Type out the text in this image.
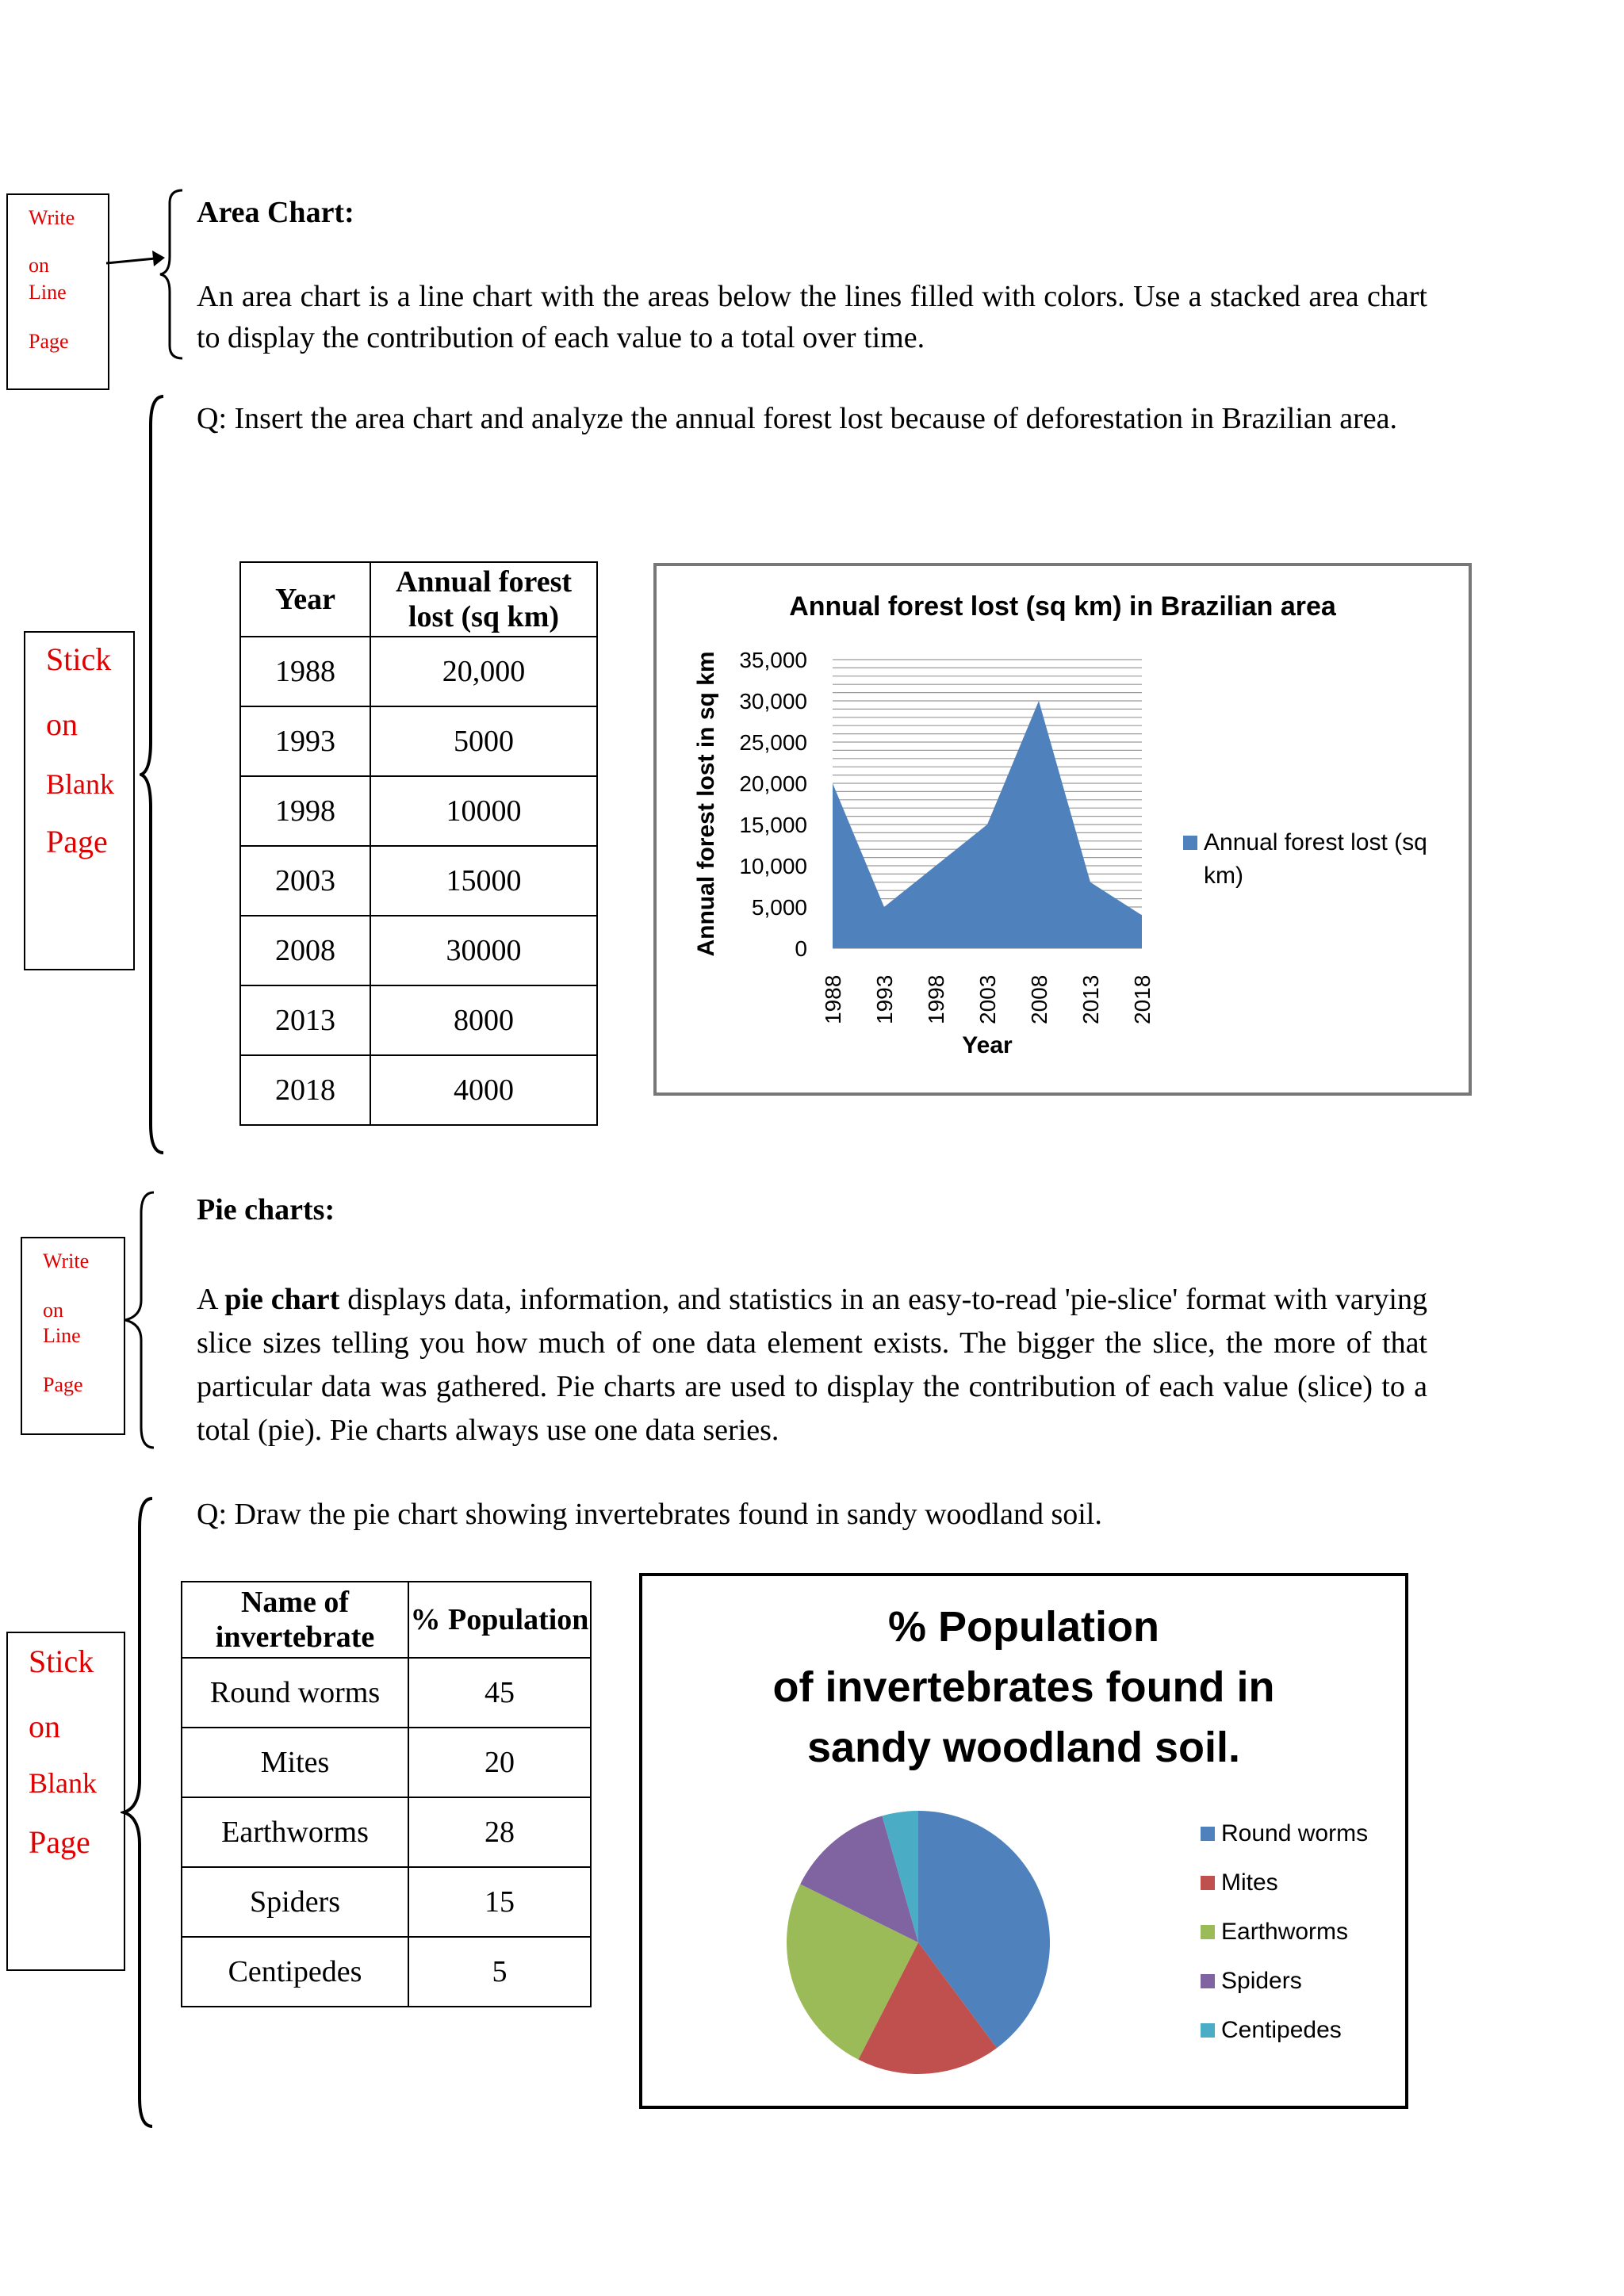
Write
on
Line
Page
Stick
on
Blank
Page
Write
on
Line
Page
Stick
on
Blank
Page
Area Chart:
An area chart is a line chart with the areas below the lines filled with colors. Use a stacked area chart to display the contribution of each value to a total over time.
Q: Insert the area chart and analyze the annual forest lost because of deforestation in Brazilian area.
Year	Annual forest lost (sq km)
1988	20,000
1993	5000
1998	10000
2003	15000
2008	30000
2013	8000
2018	4000
Annual forest lost (sq km) in Brazilian area
0
5,000
10,000
15,000
20,000
25,000
30,000
35,000
1988 1993 1998 2003 2008 2013 2018
Year
Annual forest lost in sq km	Annual forest lost (sq km)
Pie charts:
A pie chart displays data, information, and statistics in an easy-to-read 'pie-slice' format with varying slice sizes telling you how much of one data element exists. The bigger the slice, the more of that particular data was gathered. Pie charts are used to display the contribution of each value (slice) to a total (pie). Pie charts always use one data series.
Q: Draw the pie chart showing invertebrates found in sandy woodland soil.
Name of invertebrate	% Population
Round worms	45
Mites	20
Earthworms	28
Spiders	15
Centipedes	5
% Population of invertebrates found in sandy woodland soil.
Round worms
Mites
Earthworms
Spiders
Centipedes
